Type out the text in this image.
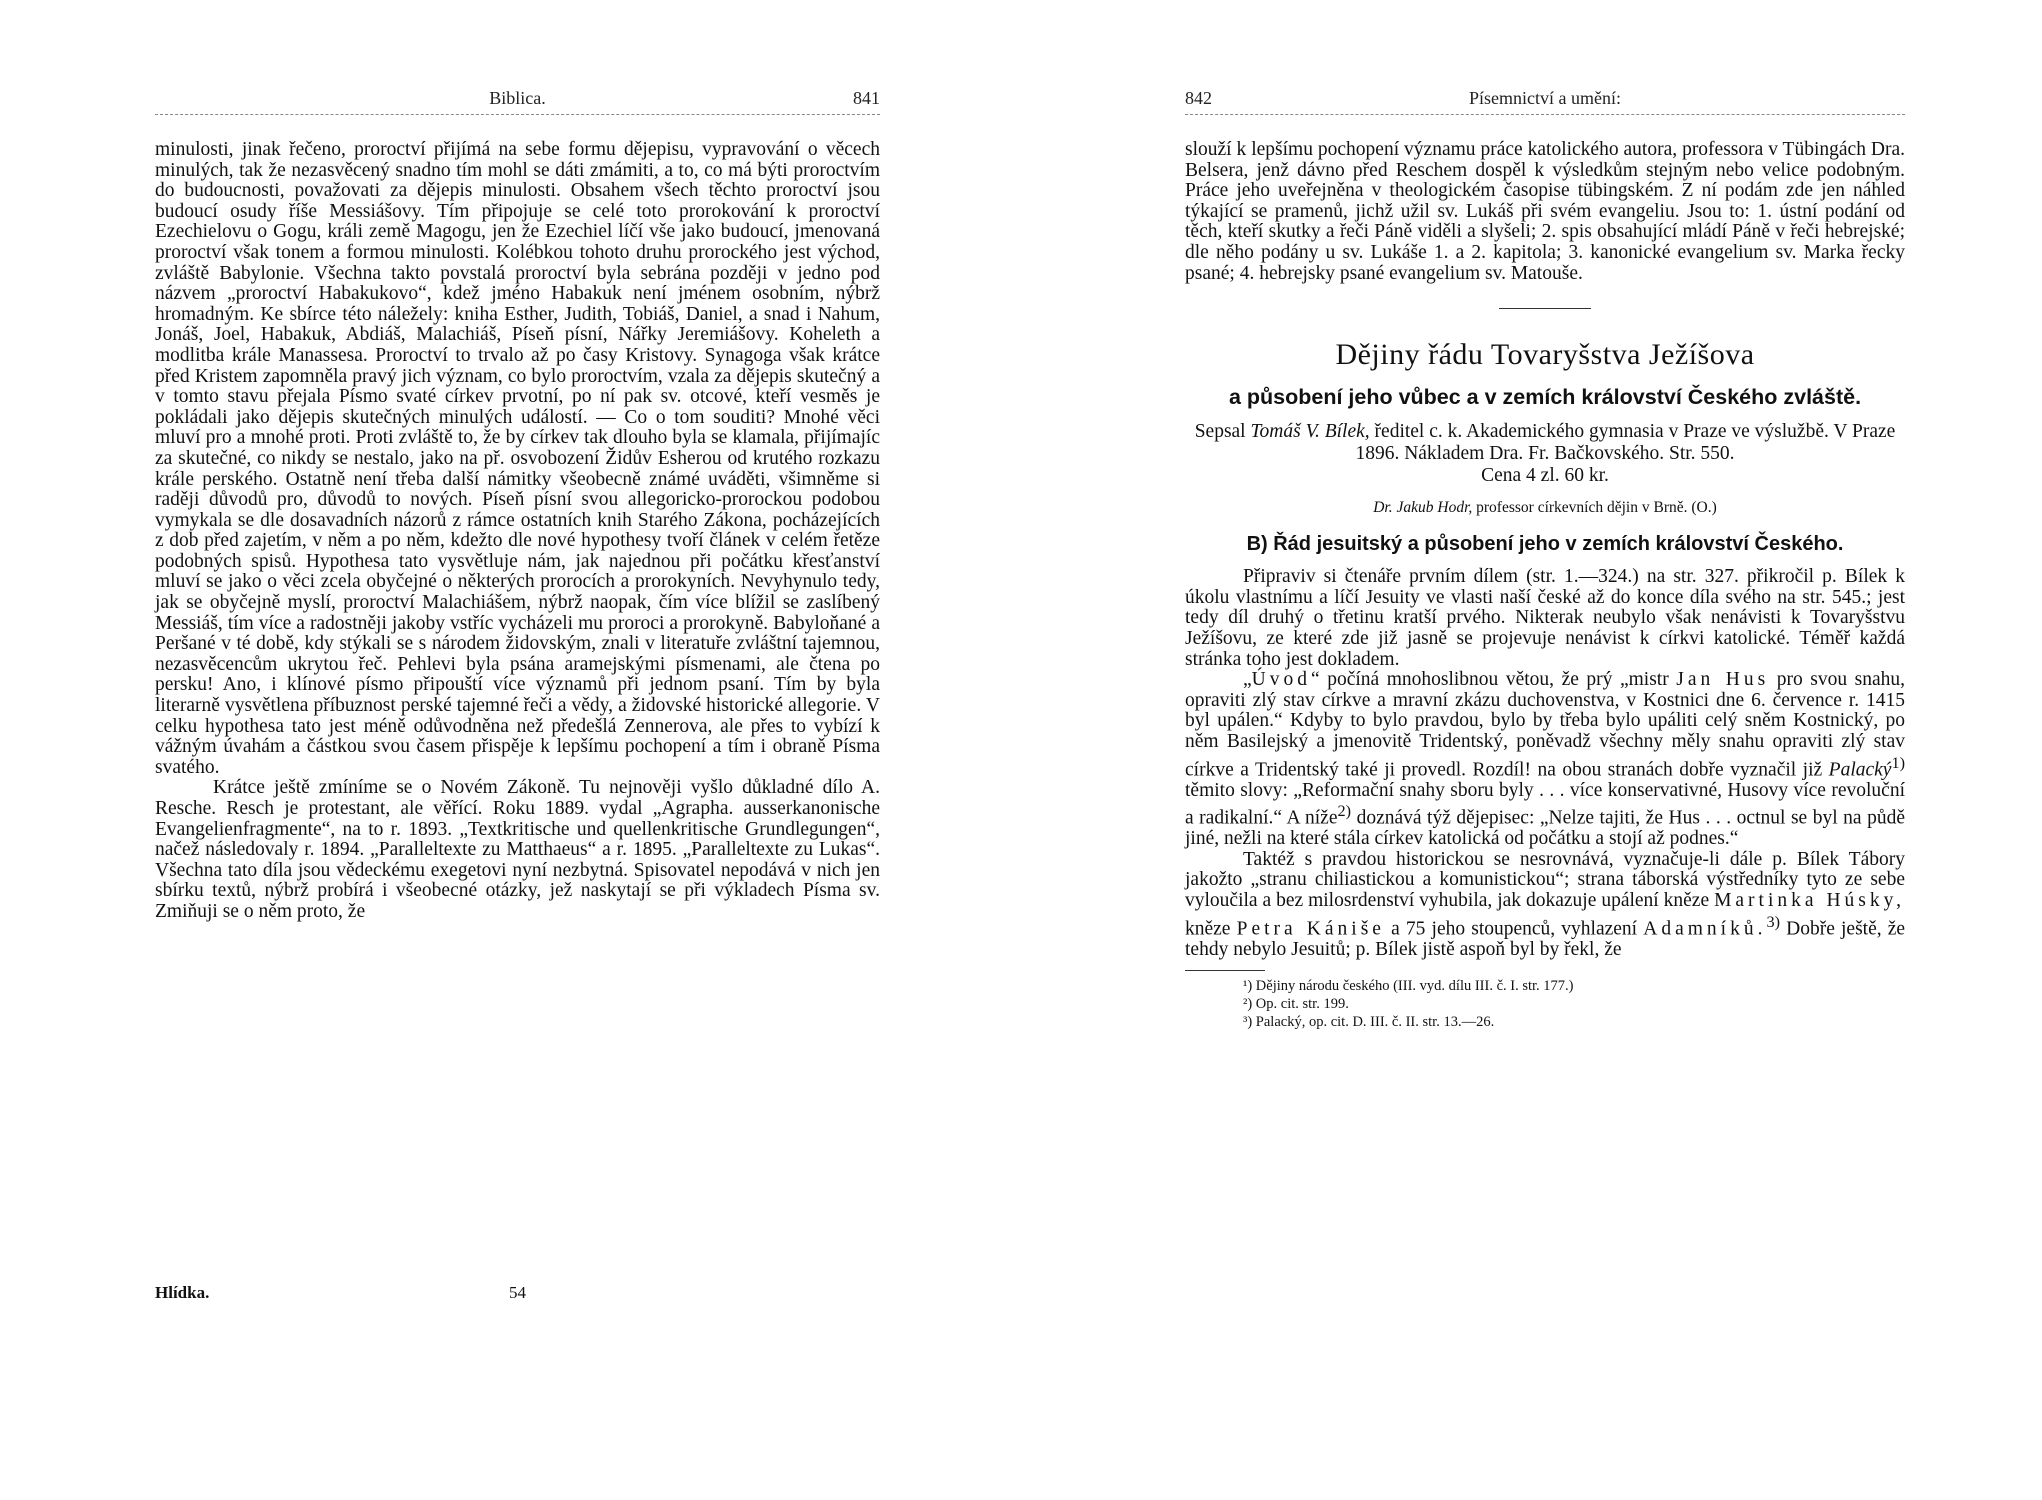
Biblica.	841

minulosti, jinak řečeno, proroctví přijímá na sebe formu dějepisu, vypravování o věcech minulých, tak že nezasvěcený snadno tím mohl se dáti zmámiti, a to, co má býti proroctvím do budoucnosti, považovati za dějepis minulosti. Obsahem všech těchto proroctví jsou budoucí osudy říše Messiášovy. Tím připojuje se celé toto prorokování k proroctví Ezechielovu o Gogu, králi země Magogu, jen že Ezechiel líčí vše jako budoucí, jmenovaná proroctví však tonem a formou minulosti. Kolébkou tohoto druhu prorockého jest východ, zvláště Babylonie. Všechna takto povstalá proroctví byla sebrána později v jedno pod názvem „proroctví Habakukovo“, kdež jméno Habakuk není jménem osobním, nýbrž hromadným. Ke sbírce této náležely: kniha Esther, Judith, Tobiáš, Daniel, a snad i Nahum, Jonáš, Joel, Habakuk, Abdiáš, Malachiáš, Píseň písní, Nářky Jeremiášovy. Koheleth a modlitba krále Manassesa. Proroctví to trvalo až po časy Kristovy. Synagoga však krátce před Kristem zapomněla pravý jich význam, co bylo proroctvím, vzala za dějepis skutečný a v tomto stavu přejala Písmo svaté církev prvotní, po ní pak sv. otcové, kteří vesměs je pokládali jako dějepis skutečných minulých událostí. — Co o tom souditi? Mnohé věci mluví pro a mnohé proti. Proti zvláště to, že by církev tak dlouho byla se klamala, přijímajíc za skutečné, co nikdy se nestalo, jako na př. osvobození Židův Esherou od krutého rozkazu krále perského. Ostatně není třeba další námitky všeobecně známé uváděti, všimněme si raději důvodů pro, důvodů to nových. Píseň písní svou allegoricko-prorockou podobou vymykala se dle dosavadních názorů z rámce ostatních knih Starého Zákona, pocházejících z dob před zajetím, v něm a po něm, kdežto dle nové hypothesy tvoří článek v celém řetěze podobných spisů. Hypothesa tato vysvětluje nám, jak najednou při počátku křesťanství mluví se jako o věci zcela obyčejné o některých prorocích a prorokyních. Nevyhynulo tedy, jak se obyčejně myslí, proroctví Malachiášem, nýbrž naopak, čím více blížil se zaslíbený Messiáš, tím více a radostněji jakoby vstříc vycházeli mu proroci a prorokyně. Babyloňané a Peršané v té době, kdy stýkali se s národem židovským, znali v literatuře zvláštní tajemnou, nezasvěcencům ukrytou řeč. Pehlevi byla psána aramejskými písmenami, ale čtena po persku! Ano, i klínové písmo připouští více významů při jednom psaní. Tím by byla literarně vysvětlena příbuznost perské tajemné řeči a vědy, a židovské historické allegorie. V celku hypothesa tato jest méně odůvodněna než předešlá Zennerova, ale přes to vybízí k vážným úvahám a částkou svou časem přispěje k lepšímu pochopení a tím i obraně Písma svatého.

Krátce ještě zmíníme se o Novém Zákoně. Tu nejnověji vyšlo důkladné dílo A. Resche. Resch je protestant, ale věřící. Roku 1889. vydal „Agrapha. ausserkanonische Evangelienfragmente“, na to r. 1893. „Textkritische und quellenkritische Grundlegungen“, načež následovaly r. 1894. „Paralleltexte zu Matthaeus“ a r. 1895. „Paralleltexte zu Lukas“. Všechna tato díla jsou vědeckému exegetovi nyní nezbytná. Spisovatel nepodává v nich jen sbírku textů, nýbrž probírá i všeobecné otázky, jež naskytají se při výkladech Písma sv. Zmiňuji se o něm proto, že

Hlídka.	54
842	Písemnictví a umění:

slouží k lepšímu pochopení významu práce katolického autora, professora v Tübingách Dra. Belsera, jenž dávno před Reschem dospěl k výsledkům stejným nebo velice podobným. Práce jeho uveřejněna v theologickém časopise tübingském. Z ní podám zde jen náhled týkající se pramenů, jichž užil sv. Lukáš při svém evangeliu. Jsou to: 1. ústní podání od těch, kteří skutky a řeči Páně viděli a slyšeli; 2. spis obsahující mládí Páně v řeči hebrejské; dle něho podány u sv. Lukáše 1. a 2. kapitola; 3. kanonické evangelium sv. Marka řecky psané; 4. hebrejsky psané evangelium sv. Matouše.

Dějiny řádu Tovaryšstva Ježíšova
a působení jeho vůbec a v zemích království Českého zvláště.
Sepsal Tomáš V. Bílek, ředitel c. k. Akademického gymnasia v Praze ve výslužbě. V Praze 1896. Nákladem Dra. Fr. Bačkovského. Str. 550.
Cena 4 zl. 60 kr.
Dr. Jakub Hodr, professor církevních dějin v Brně. (O.)
B) Řád jesuitský a působení jeho v zemích království Českého.

Připraviv si čtenáře prvním dílem (str. 1.—324.) na str. 327. přikročil p. Bílek k úkolu vlastnímu a líčí Jesuity ve vlasti naší české až do konce díla svého na str. 545.; jest tedy díl druhý o třetinu kratší prvého. Nikterak neubylo však nenávisti k Tovaryšstvu Ježíšovu, ze které zde již jasně se projevuje nenávist k církvi katolické. Téměř každá stránka toho jest dokladem.

„Úvod“ počíná mnohoslibnou větou, že prý „mistr Jan Hus pro svou snahu, opraviti zlý stav církve a mravní zkázu duchovenstva, v Kostnici dne 6. července r. 1415 byl upálen.“ Kdyby to bylo pravdou, bylo by třeba bylo upáliti celý sněm Kostnický, po něm Basilejský a jmenovitě Tridentský, poněvadž všechny měly snahu opraviti zlý stav církve a Tridentský také ji provedl. Rozdíl! na obou stranách dobře vyznačil již Palacký$^{1)}$ těmito slovy: „Reformační snahy sboru byly . . . více konservativné, Husovy více revoluční a radikalní.“ A níže$^{2)}$ doznává týž dějepisec: „Nelze tajiti, že Hus . . . octnul se byl na půdě jiné, nežli na které stála církev katolická od počátku a stojí až podnes.“

Taktéž s pravdou historickou se nesrovnává, vyznačuje-li dále p. Bílek Tábory jakožto „stranu chiliastickou a komunistickou“; strana táborská výstředníky tyto ze sebe vyloučila a bez milosrdenství vyhubila, jak dokazuje upálení kněze Martinka Húsky, kněze Petra Kániše a 75 jeho stoupenců, vyhlazení Adamníků.$^{3)}$ Dobře ještě, že tehdy nebylo Jesuitů; p. Bílek jistě aspoň byl by řekl, že

¹) Dějiny národu českého (III. vyd. dílu III. č. I. str. 177.)
²) Op. cit. str. 199.
³) Palacký, op. cit. D. III. č. II. str. 13.—26.
